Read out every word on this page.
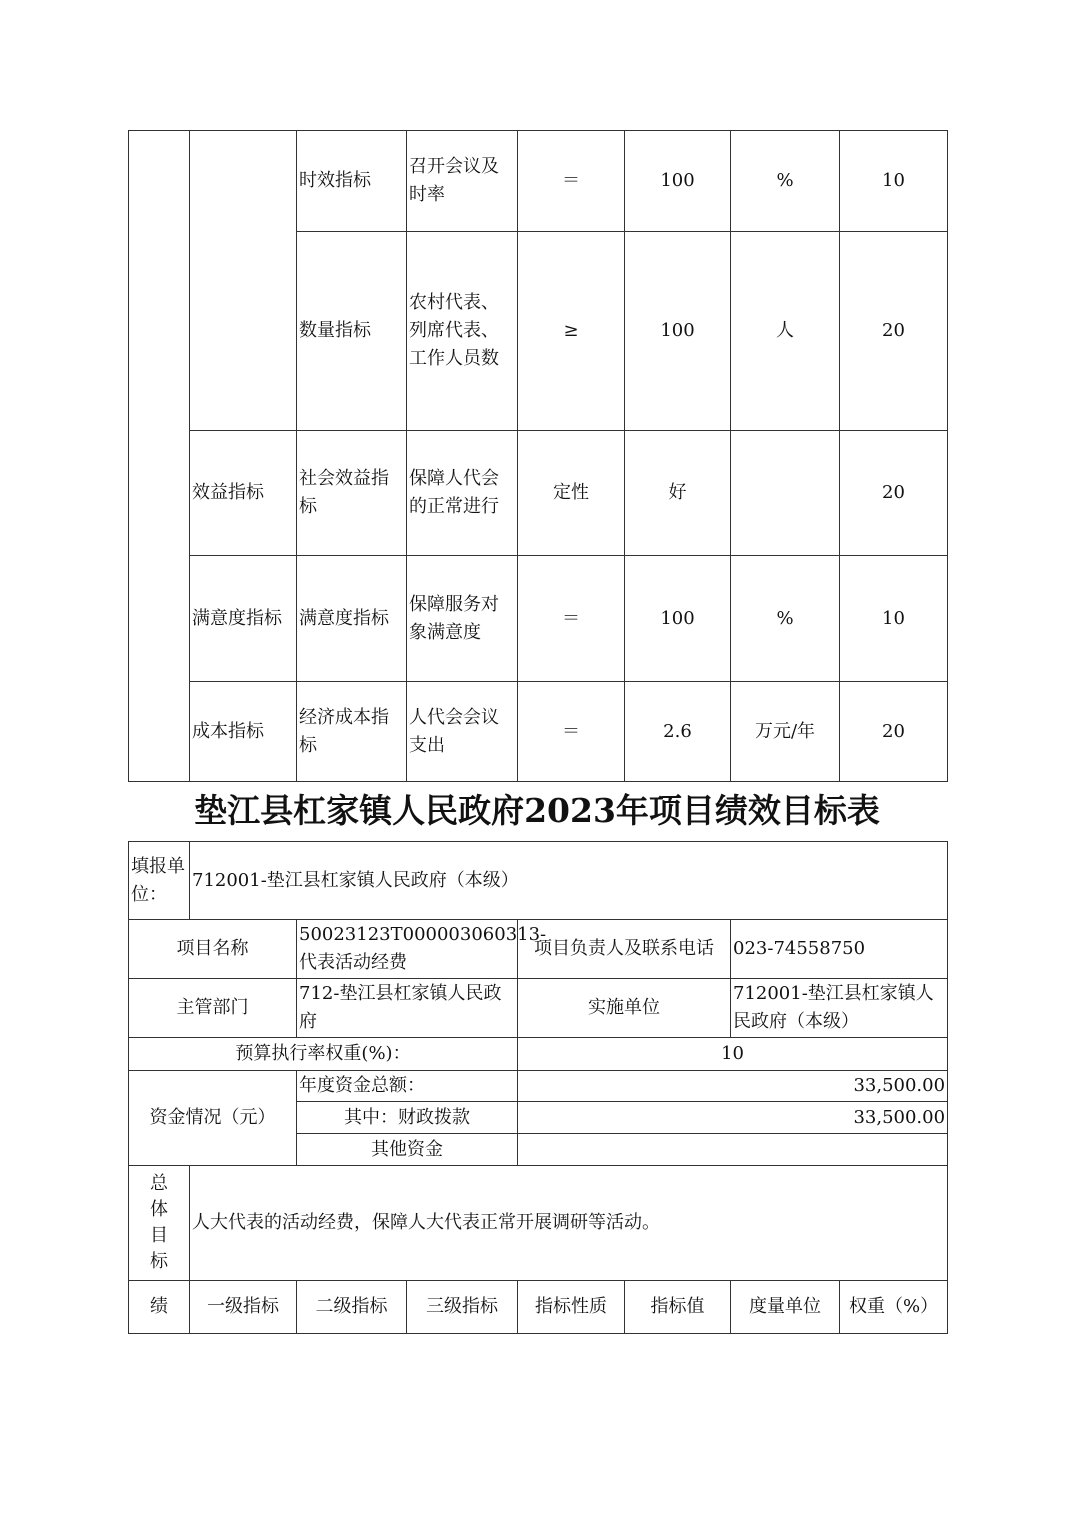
		时效指标	召开会议及时率	＝	100	%	10
		数量指标	农村代表、列席代表、工作人员数	≥	100	人	20
	效益指标	社会效益指标	保障人代会的正常进行	定性	好		20
	满意度指标	满意度指标	保障服务对象满意度	＝	100	%	10
	成本指标	经济成本指标	人代会会议支出	＝	2.6	万元/年	20
垫江县杠家镇人民政府2023年项目绩效目标表
填报单位：	712001-垫江县杠家镇人民政府（本级）						
项目名称		50023123T000003060313-代表活动经费		项目负责人及联系电话		023-74558750	
主管部门		712-垫江县杠家镇人民政府		实施单位		712001-垫江县杠家镇人民政府（本级）	
预算执行率权重(%)：				10			
资金情况（元）		年度资金总额：		33,500.00			
		其中：财政拨款		33,500.00			
		其他资金					

总
体
目
标	人大代表的活动经费，保障人大代表正常开展调研等活动。						
绩	一级指标	二级指标	三级指标	指标性质	指标值	度量单位	权重（%）
